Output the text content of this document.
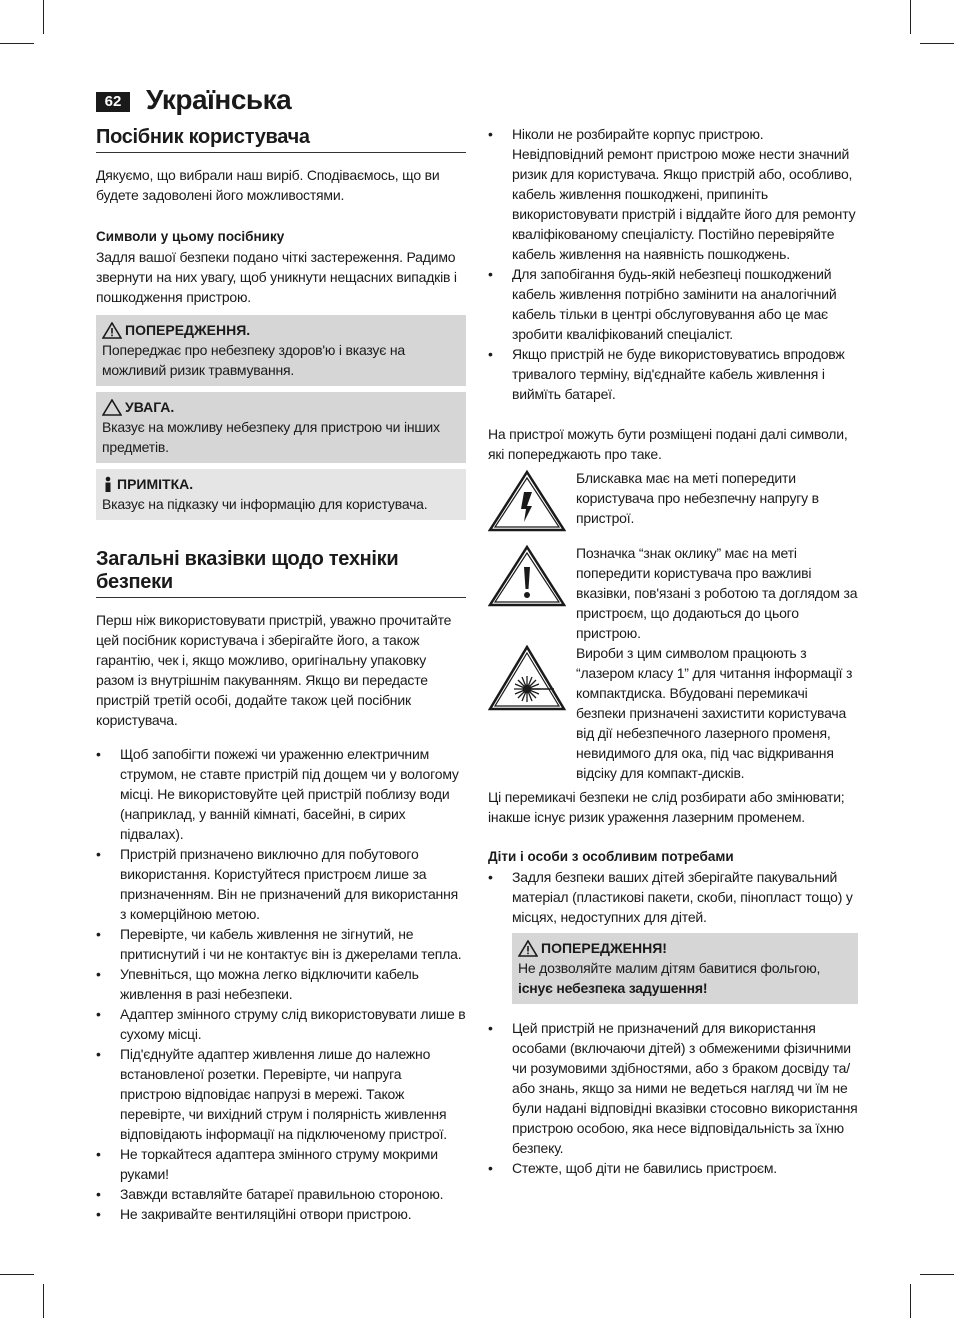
62 Українська
Посібник користувача

Дякуємо, що вибрали наш виріб. Сподіваємось, що ви будете задоволені його можливостями.

Символи у цьому посібнику

Задля вашої безпеки подано чіткі застереження. Радимо звернути на них увагу, щоб уникнути нещасних випадків і пошкодження пристрою.

ПОПЕРЕДЖЕННЯ.
Попереджає про небезпеку здоров'ю і вказує на можливий ризик травмування.
УВАГА.
Вказує на можливу небезпеку для пристрою чи інших предметів.
ПРИМІТКА.
Вказує на підказку чи інформацію для користувача.
Загальні вказівки щодо техніки безпеки

Перш ніж використовувати пристрій, уважно прочитайте цей посібник користувача і зберігайте його, а також гарантію, чек і, якщо можливо, оригінальну упаковку разом із внутрішнім пакуванням. Якщо ви передасте пристрій третій особі, додайте також цей посібник користувача.

• Щоб запобігти пожежі чи ураженню електричним струмом, не ставте пристрій під дощем чи у вологому місці. Не використовуйте цей пристрій поблизу води (наприклад, у ванній кімнаті, басейні, в сирих підвалах).
• Пристрій призначено виключно для побутового використання. Користуйтеся пристроєм лише за призначенням. Він не призначений для використання з комерційною метою.
• Перевірте, чи кабель живлення не зігнутий, не притиснутий і чи не контактує він із джерелами тепла.
• Упевніться, що можна легко відключити кабель живлення в разі небезпеки.
• Адаптер змінного струму слід використовувати лише в сухому місці.
• Під'єднуйте адаптер живлення лише до належно встановленої розетки. Перевірте, чи напруга пристрою відповідає напрузі в мережі. Також перевірте, чи вихідний струм і полярність живлення відповідають інформації на підключеному пристрої.
• Не торкайтеся адаптера змінного струму мокрими руками!
• Завжди вставляйте батареї правильною стороною.
• Не закривайте вентиляційні отвори пристрою.
• Ніколи не розбирайте корпус пристрою. Невідповідний ремонт пристрою може нести значний ризик для користувача. Якщо пристрій або, особливо, кабель живлення пошкоджені, припиніть використовувати пристрій і віддайте його для ремонту кваліфікованому спеціалісту. Постійно перевіряйте кабель живлення на наявність пошкоджень.
• Для запобігання будь-якій небезпеці пошкоджений кабель живлення потрібно замінити на аналогічний кабель тільки в центрі обслуговування або це має зробити кваліфікований спеціаліст.
• Якщо пристрій не буде використовуватись впродовж тривалого терміну, від'єднайте кабель живлення і виймїть батареї.

На пристрої можуть бути розміщені подані далі символи, які попереджають про таке.

Блискавка має на меті попередити користувача про небезпечну напругу в пристрої.
Позначка “знак оклику” має на меті попередити користувача про важливі вказівки, пов'язані з роботою та доглядом за пристроєм, що додаються до цього пристрою.
Вироби з цим символом працюють з “лазером класу 1” для читання інформації з компактдиска. Вбудовані перемикачі безпеки призначені захистити користувача від дії небезпечного лазерного променя, невидимого для ока, під час відкривання відсіку для компакт-дисків.

Ці перемикачі безпеки не слід розбирати або змінювати; інакше існує ризик ураження лазерним променем.

Діти і особи з особливим потребами

• Задля безпеки ваших дітей зберігайте пакувальний матеріал (пластикові пакети, скоби, пінопласт тощо) у місцях, недоступних для дітей.
ПОПЕРЕДЖЕННЯ!
Не дозволяйте малим дітям бавитися фольгою, існує небезпека задушення!
• Цей пристрій не призначений для використання особами (включаючи дітей) з обмеженими фізичними чи розумовими здібностями, або з браком досвіду та/або знань, якщо за ними не ведеться нагляд чи їм не були надані відповідні вказівки стосовно використання пристрою особою, яка несе відповідальність за їхню безпеку.
• Стежте, щоб діти не бавились пристроєм.
